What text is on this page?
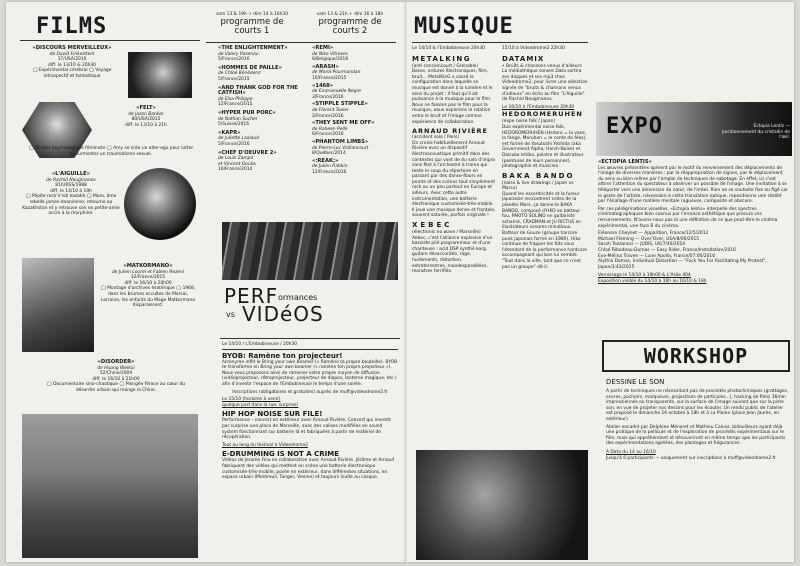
FILMS
«DISCOURS MERVEILLEUX»
de David Finkelstein
37/USA/2010
diff. le 13/10 & 20h30
◯ Expérimental cérébral ◯ Voyage introspectif et fantastique
«FELT»
de Jason Banker
80/USA/2015
diff. le 13/10 à 21h
◯ Thriller psychologique féministe ◯ Amy se crée un alter-ego pour lutter et surmonter un traumatisme sexuel.
«L'AIGUILLE»
de Rachid Nougmanov
81/URSS/1988
diff. le 14/10 à 19h
◯ Pépite rock'n'roll kazakh ◯ Moro, âme rebelle james-deanienne, retourne au Kazakhstan et y retrouve son ex petite-amie accro à la morphine.
«MATKORMANO»
de Julien Lourel et Fabien Rezeni
32/France/2015
diff. le 16/10 à 20h00
◯ Montage d'archives ésotérique ◯ 1968, dans les brumes occultes de Marsal, Lorraine, les enfants du Mage Matkormano disparaissent.
«DISORDER»
de Huang Weikai
52/Chine/2009
diff. le 16/10 à 21h00
◯ Documentaire sino-chaotique ◯ Plongée féroce au cœur du désordre urbain qui mange la Chine.
sam 13 & 19h + dim 14 à 16h30
programme de courts 1
sam 13 & 21h + dim 16 à 18h
programme de courts 2
«THE ENLIGHTENMENT»
de Valery Pasenau
5/France/2016
«HOMMES DE PAILLE»
de Chloé Bénédenz
5/France/2015
«AND THANK GOD FOR THE CATFISH»
de Elsa Philippe
12/France/2015
«HYPER PUR PORC»
de Nathan Sucher
5/Suisse/2016
«KAPR»
de Juliette Laalaud
5/France/2016
«CHEF D'OEUVRE 2»
de Louis Zampa
et Vincent Goulia
10/France/2014
«REMI»
de Niko Vitrovec
6/Belgique/2016
«ARASH»
de Morol Pourmandan
10/France/2015
«1468»
de Emmanuelle Negre
3/France/2016
«STIPPLE STIPPLE»
de Florent Texier
2/France/2016
«THEY SENT ME OFF»
de Raheen Pelle
6/France/2016
«PHANTOM LIMBS»
de Pierre-Luc Vaillancourt
8/Québec/2014
«:REAK:»
de Julien Rabkin
12/France/2016
PERF ormances
vs VIDéOS
Le 14/10 / L'Embobineuse / 20h30
BYOB: Ramène ton projecteur!

Acronyme inflit le Bring your own beamer (« Ramène ta propre bouteille). BYOB te transforme en Bring your own beamer (« ramène ton propre projecteur »). Nous vous proposons ainsi de ramener votre propre moyen de diffusion (vidéoprojecteur, rétroprojecteur, projecteur de diapos, lanterne magique, etc.) afin d'investir l'espace de l'Embobineuse le temps d'une soirée.

Inscriptions (obligatoires et gratuites) auprès de muff@videodrome2.fr

Le 15/10 (horaires à venir)
quelque part dans la rue, surprise!
HIP HOP NOISE SUR FILE!

Performance – concert en extérieur avec Arnaud Rivière. Concert qui investit par surprise une place de Marseille, avec des valises modifiées en sound system fonctionnant sur batterie lâ et fabriquées à partir de matériel de récupération.

Tout au long du festival à Videodrome2
E-DRUMMING IS NOT A CRIME

Vidéos de Jerome Fino en collaboration avec Arnaud Rivière. Jérôme et Arnaud fabriquent des vidéos qui mettent en scène une batterie électronique customisée-très-mobile, posée en extérieur, dans différentes situations, en espace urbain (Montreuil, Tanger, Vienne) et toujours (suite au casque.

MUSIQUE
Le 14/10 & l'Embobineuse 20h30
METALKING
(anti-conciencourt / Grenoble)

Basse, ordures électroniques, film, bruit… MetalKinG a cassé la configuration dans laquelle sa musique est donné à la lumière et le sens du projet : Il faut qu'il ait puissance à la musique pour le film. Nous ne faisons pas le film pour la musique, nous explorons la relation entre le bruit et l'image comme expérience de collaboration.

ARNAUD RIVIÈRE
(accident solo / Paris)

On croise habituellement Arnaud Rivière avec un dispositif électroacoustique primitif dans des contextes qui vont de du solo d'impro sans filet à l'orchestre à trame qui tente le coup du répertoire en passant par des danse-floors en pointe et des scènes tout simplement rock ou un peu partout en Europe et ailleurs. Avec cette autre instrumentation, une batterie électronique customisée-très-mobile. Il joue une musique dense et frontale, souvent saturée, parfois virginale !

XEBEC
(électronic no wave / Marseille)

Xebec, c'est l'alliance explosive d'un bassiste pilé programmeur et d'une chanteuse : acid DSP synthé korg, guitare désaccordée, rage, hurlements, distortion, extraterrestres, mondesparallèles, monstres terrifiés.

15/10 à Videodrome2 22h30
DATAMIX
• Bruits & chansons venus d'ailleurs

La médiathèque sonore Data sortira ses disques et ses mp3 chez Videodrome2, pour livrer une sélection signée de "bruits & chansons venus d'ailleurs" en écho au film "L'Aiguille" de Rachid Nougmanov.

Le 16/10 à l'Embobineuse 20h30
HEDOROMERUHEN
(expe noise folk / Japan)

Duo expérimental noise folk, HEDOROMERUHEN (Hedoro = la vase, la fange, Meruhen = le conte de fées), est formé de Yasutoshi Yoshida (aka Government Alpha, Harsh-Noise) et Daisuke Ishiba, peintre et illustrateur (peintures de leurs personnes), photographie et musicien.

BAKA BANDO
(noise & live drawings / Japon vs Marsu)

Quand les excentricités et la fureur japonaise rencontrent celles de la planète Mars, ça donne le BAKA BANDO, composé d'HKO en batteur fou, PAKITO SOLINO en guitariste acharné, CRADMAN et JU RICTUS en illustrateurs sonores minutieux. Batteur de Gouze (groupe harcore punk japonais formé en 1980). Hiko continue de frapper les fûts sous l'étendard de la performance hardcore accompagnant qui bon lui semble. "Tout dans la ville, tant que ce n'est pas un groupe" dit-il.

EXPO	Ectopia Lentis — positionnement du cristallin de l'œil.
«ECTOPIA LENTIS»

Les œuvres présentées opèrent par le motif du renversement des déplacements de l'image de diverses manières : par la réappropriation de signes, par le déplacement du sens ou bien même par l'emploi de techniques de sabotage. En effet, ici c'est attirer l'attention du spectateur à observer un possible de l'image. Une invitation à se téléporter vers une dimension du cœur, de l'irréel. Rien ne se souhaite fixe ou figé car le geste de l'artiste, nécessaire à cette translation optique, repositionne une réalité par l'énallage d'une matière mentale rugueuse, composite et obscure.

Par ces pérégrinations visuelles, «Ectopia lentis» interpelle des spectres cinématographiques bien connus par l'errance esthétique que procure ces renversements. N'avons-nous pas là une définition de ce que peut-être le cinéma expérimental, une face B du cinéma.

Eléonore Cheynet — Apparition, France/12/5/2012
Michael Fleming — Over'Over, USA/8/00/2015
Sarah Tezzanosi — JUDIS, UK/7/40/2014
Chloé Ribadeau-Dumas — Easy Rider, France/Installation/2016
Eve-Mélina Travee — Lune Apolla, France/07:00/2016
Alythia Damas, Individual Distortion — "Fuck You For Facilitating My Protest", Japon/3:43/2015
Vernissage le 14/10 à 19h00 & L'Asile 404
Exposition visible du 14/10 à 16h au 16/10 & 18h
WORKSHOP
DESSINE LE SON

A partir de techniques ne nécessitant pas de procédés photochimiques (grattages, encres, pochoirs, marqueurs, projections de particules...), hacking de films 16mm impressionnés ou transparents, sur la surface de l'image suivant que sur la piste son, en vue de projeter nos dessins pour les écouter. Un rendu public de l'atelier est proposé le dimanche 16 octobre à 18h et à La Plaine (place Jean Jaurès, en extérieur).

Atelier encadré par Delphine Ménoret et Mathieu Calvez, bidouilleurs ayant déjà une pratique de la pellicule et de l'exploration de procédés expérimentaux sur le film, mais qui appréhendent et découvriront en même temps que les participants des expérimentations agréées, des plantages et fulgurances.

A Data du 14 au 16/10
Jusqu'à 6 participants — uniquement sur inscriptions à muff@videodrome2.fr
